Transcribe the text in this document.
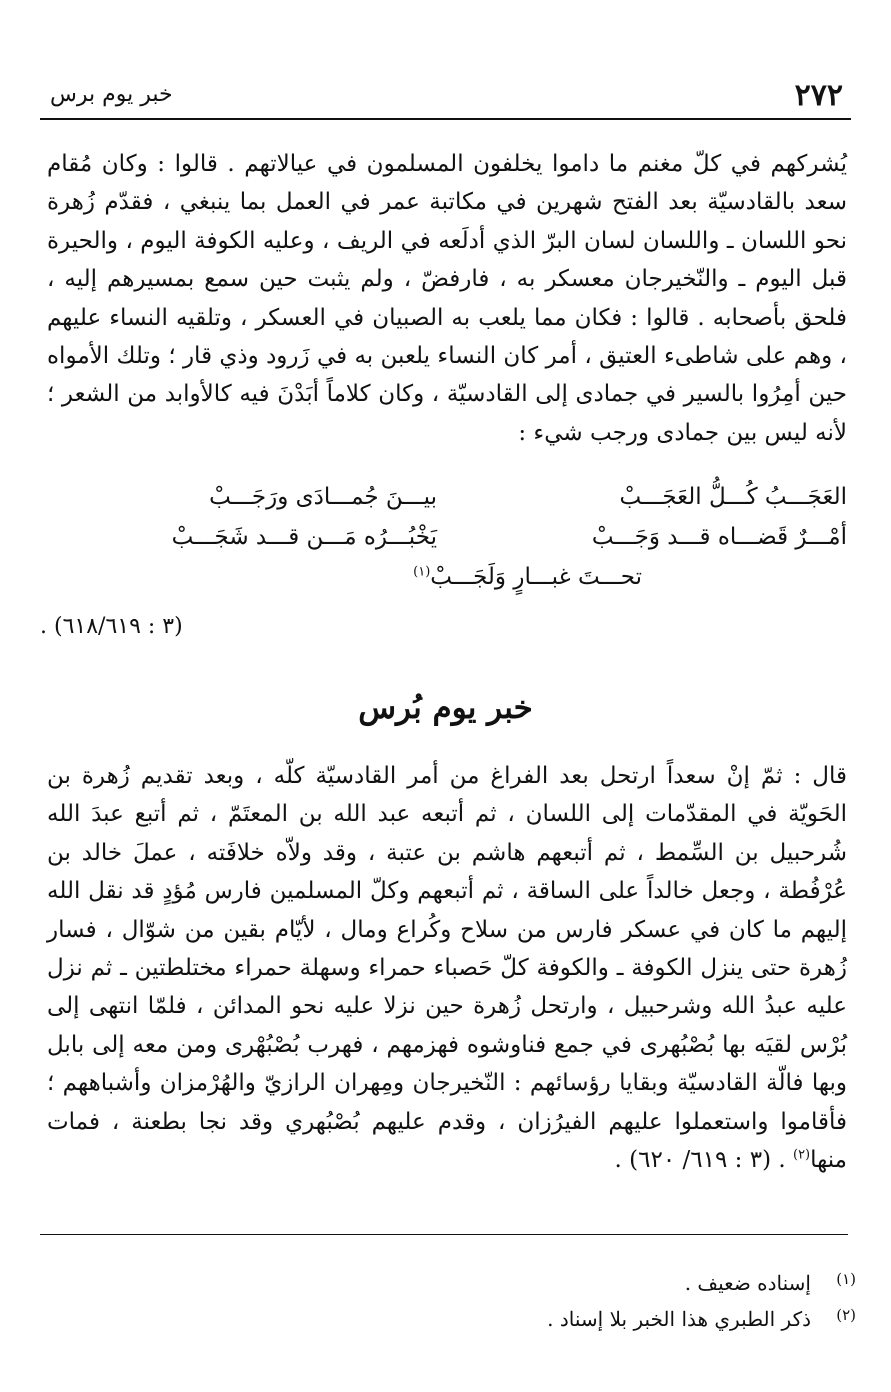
٢٧٢
خبر يوم برس

يُشركهم في كلّ مغنم ما داموا يخلفون المسلمون في عيالاتهم . قالوا : وكان مُقام سعد بالقادسيّة بعد الفتح شهرين في مكاتبة عمر في العمل بما ينبغي ، فقدّم زُهرة نحو اللسان ـ واللسان لسان البرّ الذي أدلَعه في الريف ، وعليه الكوفة اليوم ، والحيرة قبل اليوم ـ والنّخيرجان معسكر به ، فارفضّ ، ولم يثبت حين سمع بمسيرهم إليه ، فلحق بأصحابه . قالوا : فكان مما يلعب به الصبيان في العسكر ، وتلقيه النساء عليهم ، وهم على شاطىء العتيق ، أمر كان النساء يلعبن به في زَرود وذي قار ؛ وتلك الأمواه حين أمِرُوا بالسير في جمادى إلى القادسيّة ، وكان كلاماً أبَدْنَ فيه كالأوابد من الشعر ؛ لأنه ليس بين جمادى ورجب شيء :

العَجَـــبُ كُـــلُّ العَجَـــبْ
بيـــنَ جُمـــادَى ورَجَـــبْ
أمْـــرٌ قَضـــاه قـــد وَجَـــبْ
يَخْبُـــرُه مَـــن قـــد شَجَـــبْ
تحـــتَ غبـــارٍ وَلَجَـــبْ$^{(١)}$
(٣ : ٦١٨/٦١٩) .
خبر يوم بُرس

قال : ثمّ إنْ سعداً ارتحل بعد الفراغ من أمر القادسيّة كلّه ، وبعد تقديم زُهرة بن الحَويّة في المقدّمات إلى اللسان ، ثم أتبعه عبد الله بن المعتَمّ ، ثم أتبع عبدَ الله شُرحبيل بن السِّمط ، ثم أتبعهم هاشم بن عتبة ، وقد ولاّه خلافَته ، عملَ خالد بن عُرْفُطة ، وجعل خالداً على الساقة ، ثم أتبعهم وكلّ المسلمين فارس مُؤدٍ قد نقل الله إليهم ما كان في عسكر فارس من سلاح وكُراع ومال ، لأيّام بقين من شوّال ، فسار زُهرة حتى ينزل الكوفة ـ والكوفة كلّ حَصباء حمراء وسهلة حمراء مختلطتين ـ ثم نزل عليه عبدُ الله وشرحبيل ، وارتحل زُهرة حين نزلا عليه نحو المدائن ، فلمّا انتهى إلى بُرْس لقيَه بها بُصْبُهرى في جمع فناوشوه فهزمهم ، فهرب بُصْبُهْرى ومن معه إلى بابل وبها فالّة القادسيّة وبقايا رؤسائهم : النّخيرجان ومِهران الرازيّ والهُرْمزان وأشباههم ؛ فأقاموا واستعملوا عليهم الفيرُزان ، وقدم عليهم بُصْبُهري وقد نجا بطعنة ، فمات منها$^{(٢)}$ . (٣ : ٦١٩/ ٦٢٠) .

(١)
إسناده ضعيف .
(٢)
ذكر الطبري هذا الخبر بلا إسناد .
